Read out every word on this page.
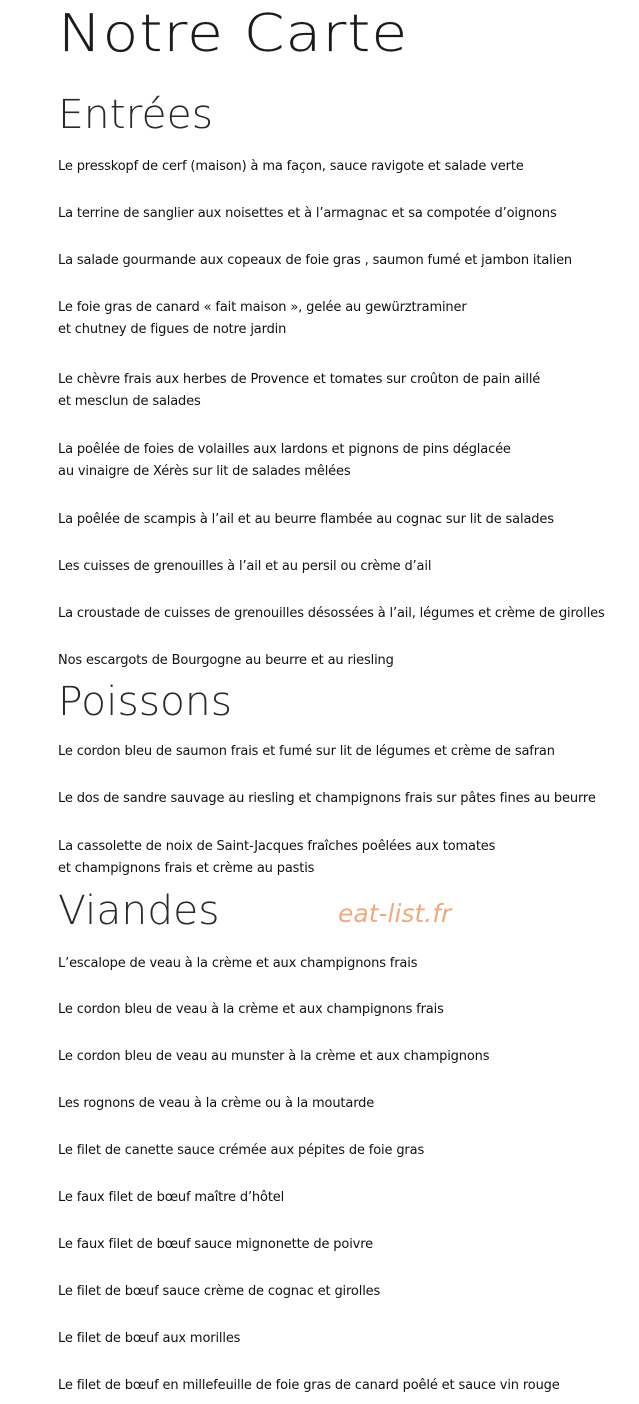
Notre Carte
Entrées

Le presskopf de cerf (maison) à ma façon, sauce ravigote et salade verte

La terrine de sanglier aux noisettes et à l’armagnac et sa compotée d’oignons

La salade gourmande aux copeaux de foie gras , saumon fumé et jambon italien

Le foie gras de canard « fait maison », gelée au gewürztraminer
et chutney de figues de notre jardin

Le chèvre frais aux herbes de Provence et tomates sur croûton de pain aillé
et mesclun de salades

La poêlée de foies de volailles aux lardons et pignons de pins déglacée
au vinaigre de Xérès sur lit de salades mêlées

La poêlée de scampis à l’ail et au beurre flambée au cognac sur lit de salades

Les cuisses de grenouilles à l’ail et au persil ou crème d’ail

La croustade de cuisses de grenouilles désossées à l’ail, légumes et crème de girolles

Nos escargots de Bourgogne au beurre et au riesling

Poissons

Le cordon bleu de saumon frais et fumé sur lit de légumes et crème de safran

Le dos de sandre sauvage au riesling et champignons frais sur pâtes fines au beurre

La cassolette de noix de Saint-Jacques fraîches poêlées aux tomates
et champignons frais et crème au pastis

Viandes	eat-list.fr

L’escalope de veau à la crème et aux champignons frais

Le cordon bleu de veau à la crème et aux champignons frais

Le cordon bleu de veau au munster à la crème et aux champignons

Les rognons de veau à la crème ou à la moutarde

Le filet de canette sauce crémée aux pépites de foie gras

Le faux filet de bœuf maître d’hôtel

Le faux filet de bœuf sauce mignonette de poivre

Le filet de bœuf sauce crème de cognac et girolles

Le filet de bœuf aux morilles

Le filet de bœuf en millefeuille de foie gras de canard poêlé et sauce vin rouge
